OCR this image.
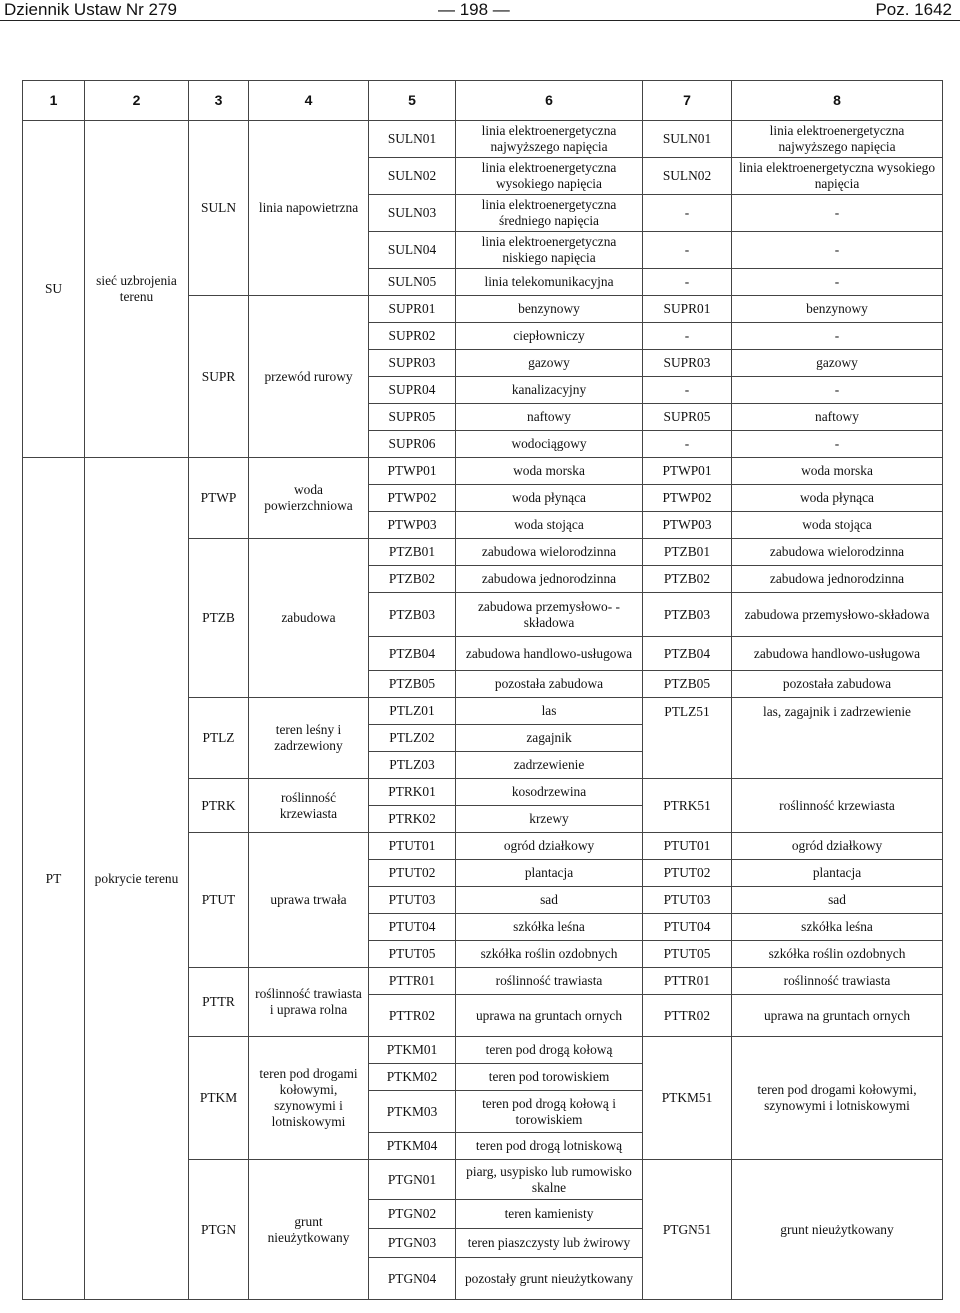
Dziennik Ustaw Nr 279	— 198 —	Poz. 1642
1	2	3	4	5	6	7	8
SU	sieć uzbrojenia terenu	SULN	linia napowietrzna	SULN01	linia elektroenergetyczna najwyższego napięcia	SULN01	linia elektroenergetyczna najwyższego napięcia
				SULN02	linia elektroenergetyczna wysokiego napięcia	SULN02	linia elektroenergetyczna wysokiego napięcia
				SULN03	linia elektroenergetyczna średniego napięcia	-	-
				SULN04	linia elektroenergetyczna niskiego napięcia	-	-
				SULN05	linia telekomunikacyjna	-	-
		SUPR	przewód rurowy	SUPR01	benzynowy	SUPR01	benzynowy
				SUPR02	ciepłowniczy	-	-
				SUPR03	gazowy	SUPR03	gazowy
				SUPR04	kanalizacyjny	-	-
				SUPR05	naftowy	SUPR05	naftowy
				SUPR06	wodociągowy	-	-
PT	pokrycie terenu	PTWP	woda powierzchniowa	PTWP01	woda morska	PTWP01	woda morska
				PTWP02	woda płynąca	PTWP02	woda płynąca
				PTWP03	woda stojąca	PTWP03	woda stojąca
		PTZB	zabudowa	PTZB01	zabudowa wielorodzinna	PTZB01	zabudowa wielorodzinna
				PTZB02	zabudowa jednorodzinna	PTZB02	zabudowa jednorodzinna
				PTZB03	zabudowa przemysłowo- -składowa	PTZB03	zabudowa przemysłowo-składowa
				PTZB04	zabudowa handlowo-usługowa	PTZB04	zabudowa handlowo-usługowa
				PTZB05	pozostała zabudowa	PTZB05	pozostała zabudowa
		PTLZ	teren leśny i zadrzewiony	PTLZ01	las	PTLZ51	las, zagajnik i zadrzewienie
				PTLZ02	zagajnik		
				PTLZ03	zadrzewienie		
		PTRK	roślinność krzewiasta	PTRK01	kosodrzewina	PTRK51	roślinność krzewiasta
				PTRK02	krzewy		
		PTUT	uprawa trwała	PTUT01	ogród działkowy	PTUT01	ogród działkowy
				PTUT02	plantacja	PTUT02	plantacja
				PTUT03	sad	PTUT03	sad
				PTUT04	szkółka leśna	PTUT04	szkółka leśna
				PTUT05	szkółka roślin ozdobnych	PTUT05	szkółka roślin ozdobnych
		PTTR	roślinność trawiasta i uprawa rolna	PTTR01	roślinność trawiasta	PTTR01	roślinność trawiasta
				PTTR02	uprawa na gruntach ornych	PTTR02	uprawa na gruntach ornych
		PTKM	teren pod drogami kołowymi, szynowymi i lotniskowymi	PTKM01	teren pod drogą kołową	PTKM51	teren pod drogami kołowymi, szynowymi i lotniskowymi
				PTKM02	teren pod torowiskiem		
				PTKM03	teren pod drogą kołową i torowiskiem		
				PTKM04	teren pod drogą lotniskową		
		PTGN	grunt nieużytkowany	PTGN01	piarg, usypisko lub rumowisko skalne	PTGN51	grunt nieużytkowany
				PTGN02	teren kamienisty		
				PTGN03	teren piaszczysty lub żwirowy		
				PTGN04	pozostały grunt nieużytkowany		
